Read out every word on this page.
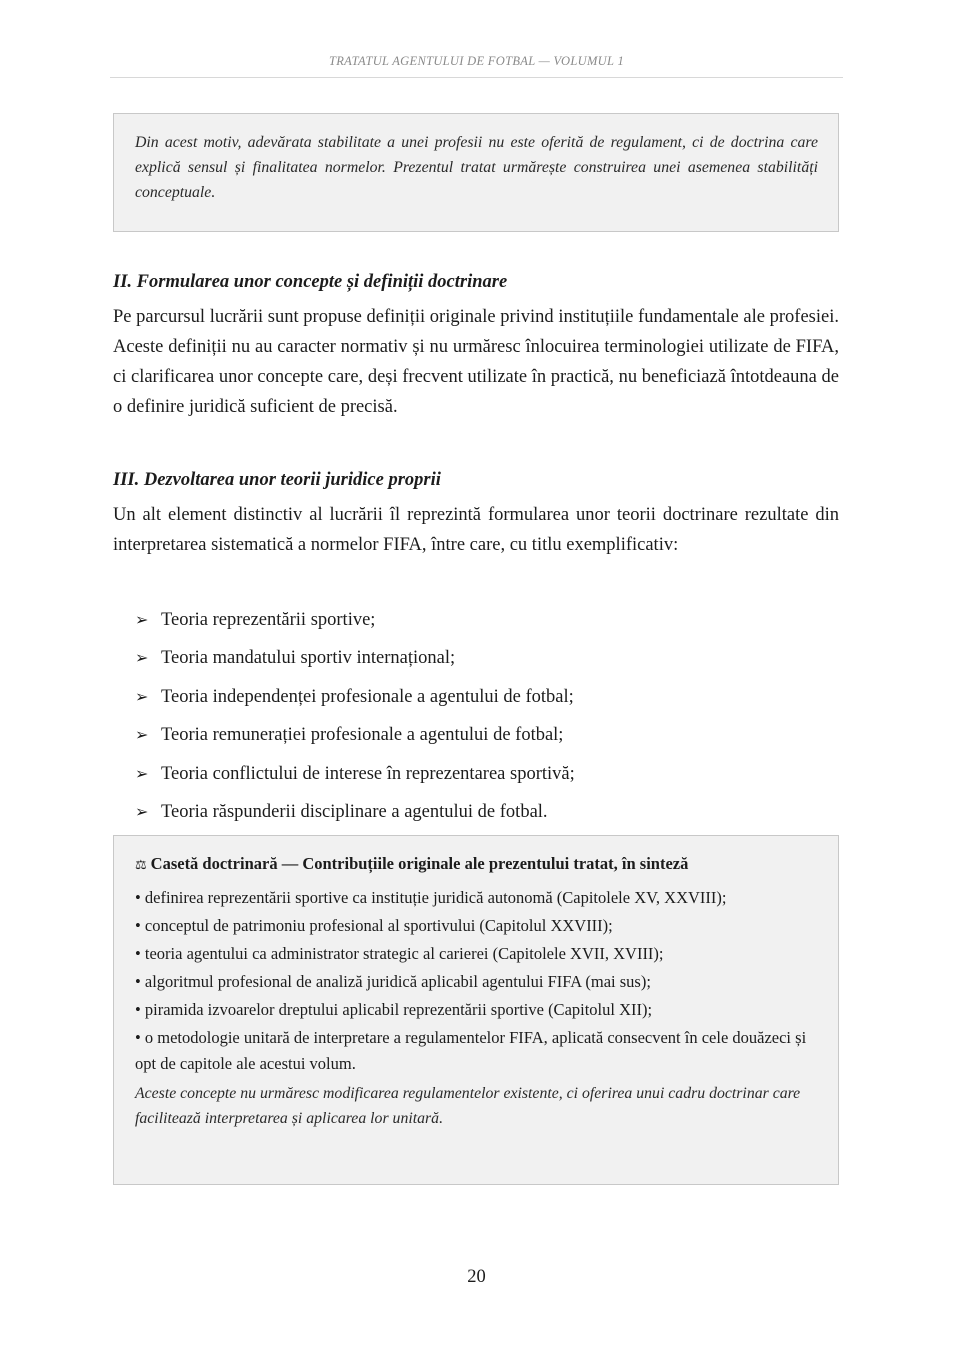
TRATATUL AGENTULUI DE FOTBAL — VOLUMUL 1

Din acest motiv, adevărata stabilitate a unei profesii nu este oferită de regulament, ci de doctrina care explică sensul și finalitatea normelor. Prezentul tratat urmărește construirea unei asemenea stabilități conceptuale.

II. Formularea unor concepte și definiții doctrinare

Pe parcursul lucrării sunt propuse definiții originale privind instituțiile fundamentale ale profesiei. Aceste definiții nu au caracter normativ și nu urmăresc înlocuirea terminologiei utilizate de FIFA, ci clarificarea unor concepte care, deși frecvent utilizate în practică, nu beneficiază întotdeauna de o definire juridică suficient de precisă.

III. Dezvoltarea unor teorii juridice proprii

Un alt element distinctiv al lucrării îl reprezintă formularea unor teorii doctrinare rezultate din interpretarea sistematică a normelor FIFA, între care, cu titlu exemplificativ:

➢ Teoria reprezentării sportive;
➢ Teoria mandatului sportiv internațional;
➢ Teoria independenței profesionale a agentului de fotbal;
➢ Teoria remunerației profesionale a agentului de fotbal;
➢ Teoria conflictului de interese în reprezentarea sportivă;
➢ Teoria răspunderii disciplinare a agentului de fotbal.

⚖ Casetă doctrinară — Contribuțiile originale ale prezentului tratat, în sinteză

• definirea reprezentării sportive ca instituție juridică autonomă (Capitolele XV, XXVIII);
• conceptul de patrimoniu profesional al sportivului (Capitolul XXVIII);
• teoria agentului ca administrator strategic al carierei (Capitolele XVII, XVIII);
• algoritmul profesional de analiză juridică aplicabil agentului FIFA (mai sus);
• piramida izvoarelor dreptului aplicabil reprezentării sportive (Capitolul XII);
• o metodologie unitară de interpretare a regulamentelor FIFA, aplicată consecvent în cele douăzeci și opt de capitole ale acestui volum.

Aceste concepte nu urmăresc modificarea regulamentelor existente, ci oferirea unui cadru doctrinar care facilitează interpretarea și aplicarea lor unitară.

20
